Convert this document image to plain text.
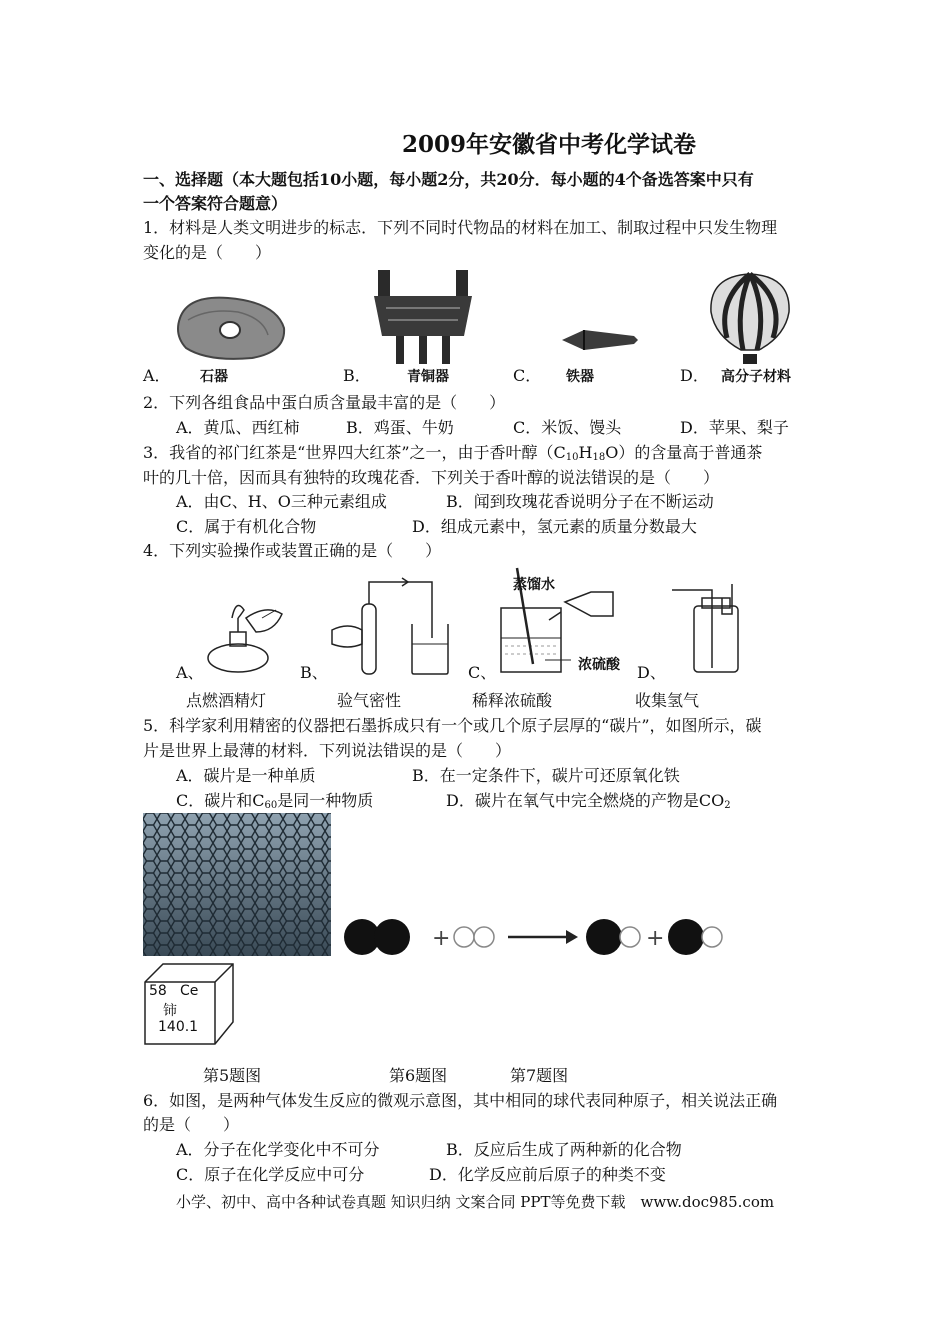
2009年安徽省中考化学试卷
一、选择题（本大题包括10小题，每小题2分，共20分．每小题的4个备选答案中只有
一个答案符合题意）
1．材料是人类文明进步的标志．下列不同时代物品的材料在加工、制取过程中只发生物理
变化的是（　　）
A． 石器	B．	青铜器	C． 铁器	D． 高分子材料
2．下列各组食品中蛋白质含量最丰富的是（　　）
A．黄瓜、西红柿	B．鸡蛋、牛奶	C．米饭、馒头	D．苹果、梨子
3．我省的祁门红茶是“世界四大红茶”之一，由于香叶醇$(C_{10}H_{18}O)$的含量高于普通茶
叶的几十倍，因而具有独特的玫瑰花香．下列关于香叶醇的说法错误的是（　　）
A．由C、H、O三种元素组成	B．闻到玫瑰花香说明分子在不断运动
C．属于有机化合物	D．组成元素中，氢元素的质量分数最大
4．下列实验操作或装置正确的是（　　）
蒸馏水
浓硫酸
A、	B、	C、	D、
点燃酒精灯	验气密性	稀释浓硫酸	收集氢气
5．科学家利用精密的仪器把石墨拆成只有一个或几个原子层厚的“碳片”，如图所示，碳
片是世界上最薄的材料．下列说法错误的是（　　）
A．碳片是一种单质	B．在一定条件下，碳片可还原氧化铁
C．碳片和$C_{60}$是同一种物质	D．碳片在氧气中完全燃烧的产物是$CO_2$
+	+
58 Ce
铈
140.1
第5题图	第6题图	第7题图
6．如图，是两种气体发生反应的微观示意图，其中相同的球代表同种原子，相关说法正确
的是（　　）
A．分子在化学变化中不可分	B．反应后生成了两种新的化合物
C．原子在化学反应中可分	D．化学反应前后原子的种类不变
小学、初中、高中各种试卷真题 知识归纳 文案合同 PPT等免费下载　www.doc985.com
